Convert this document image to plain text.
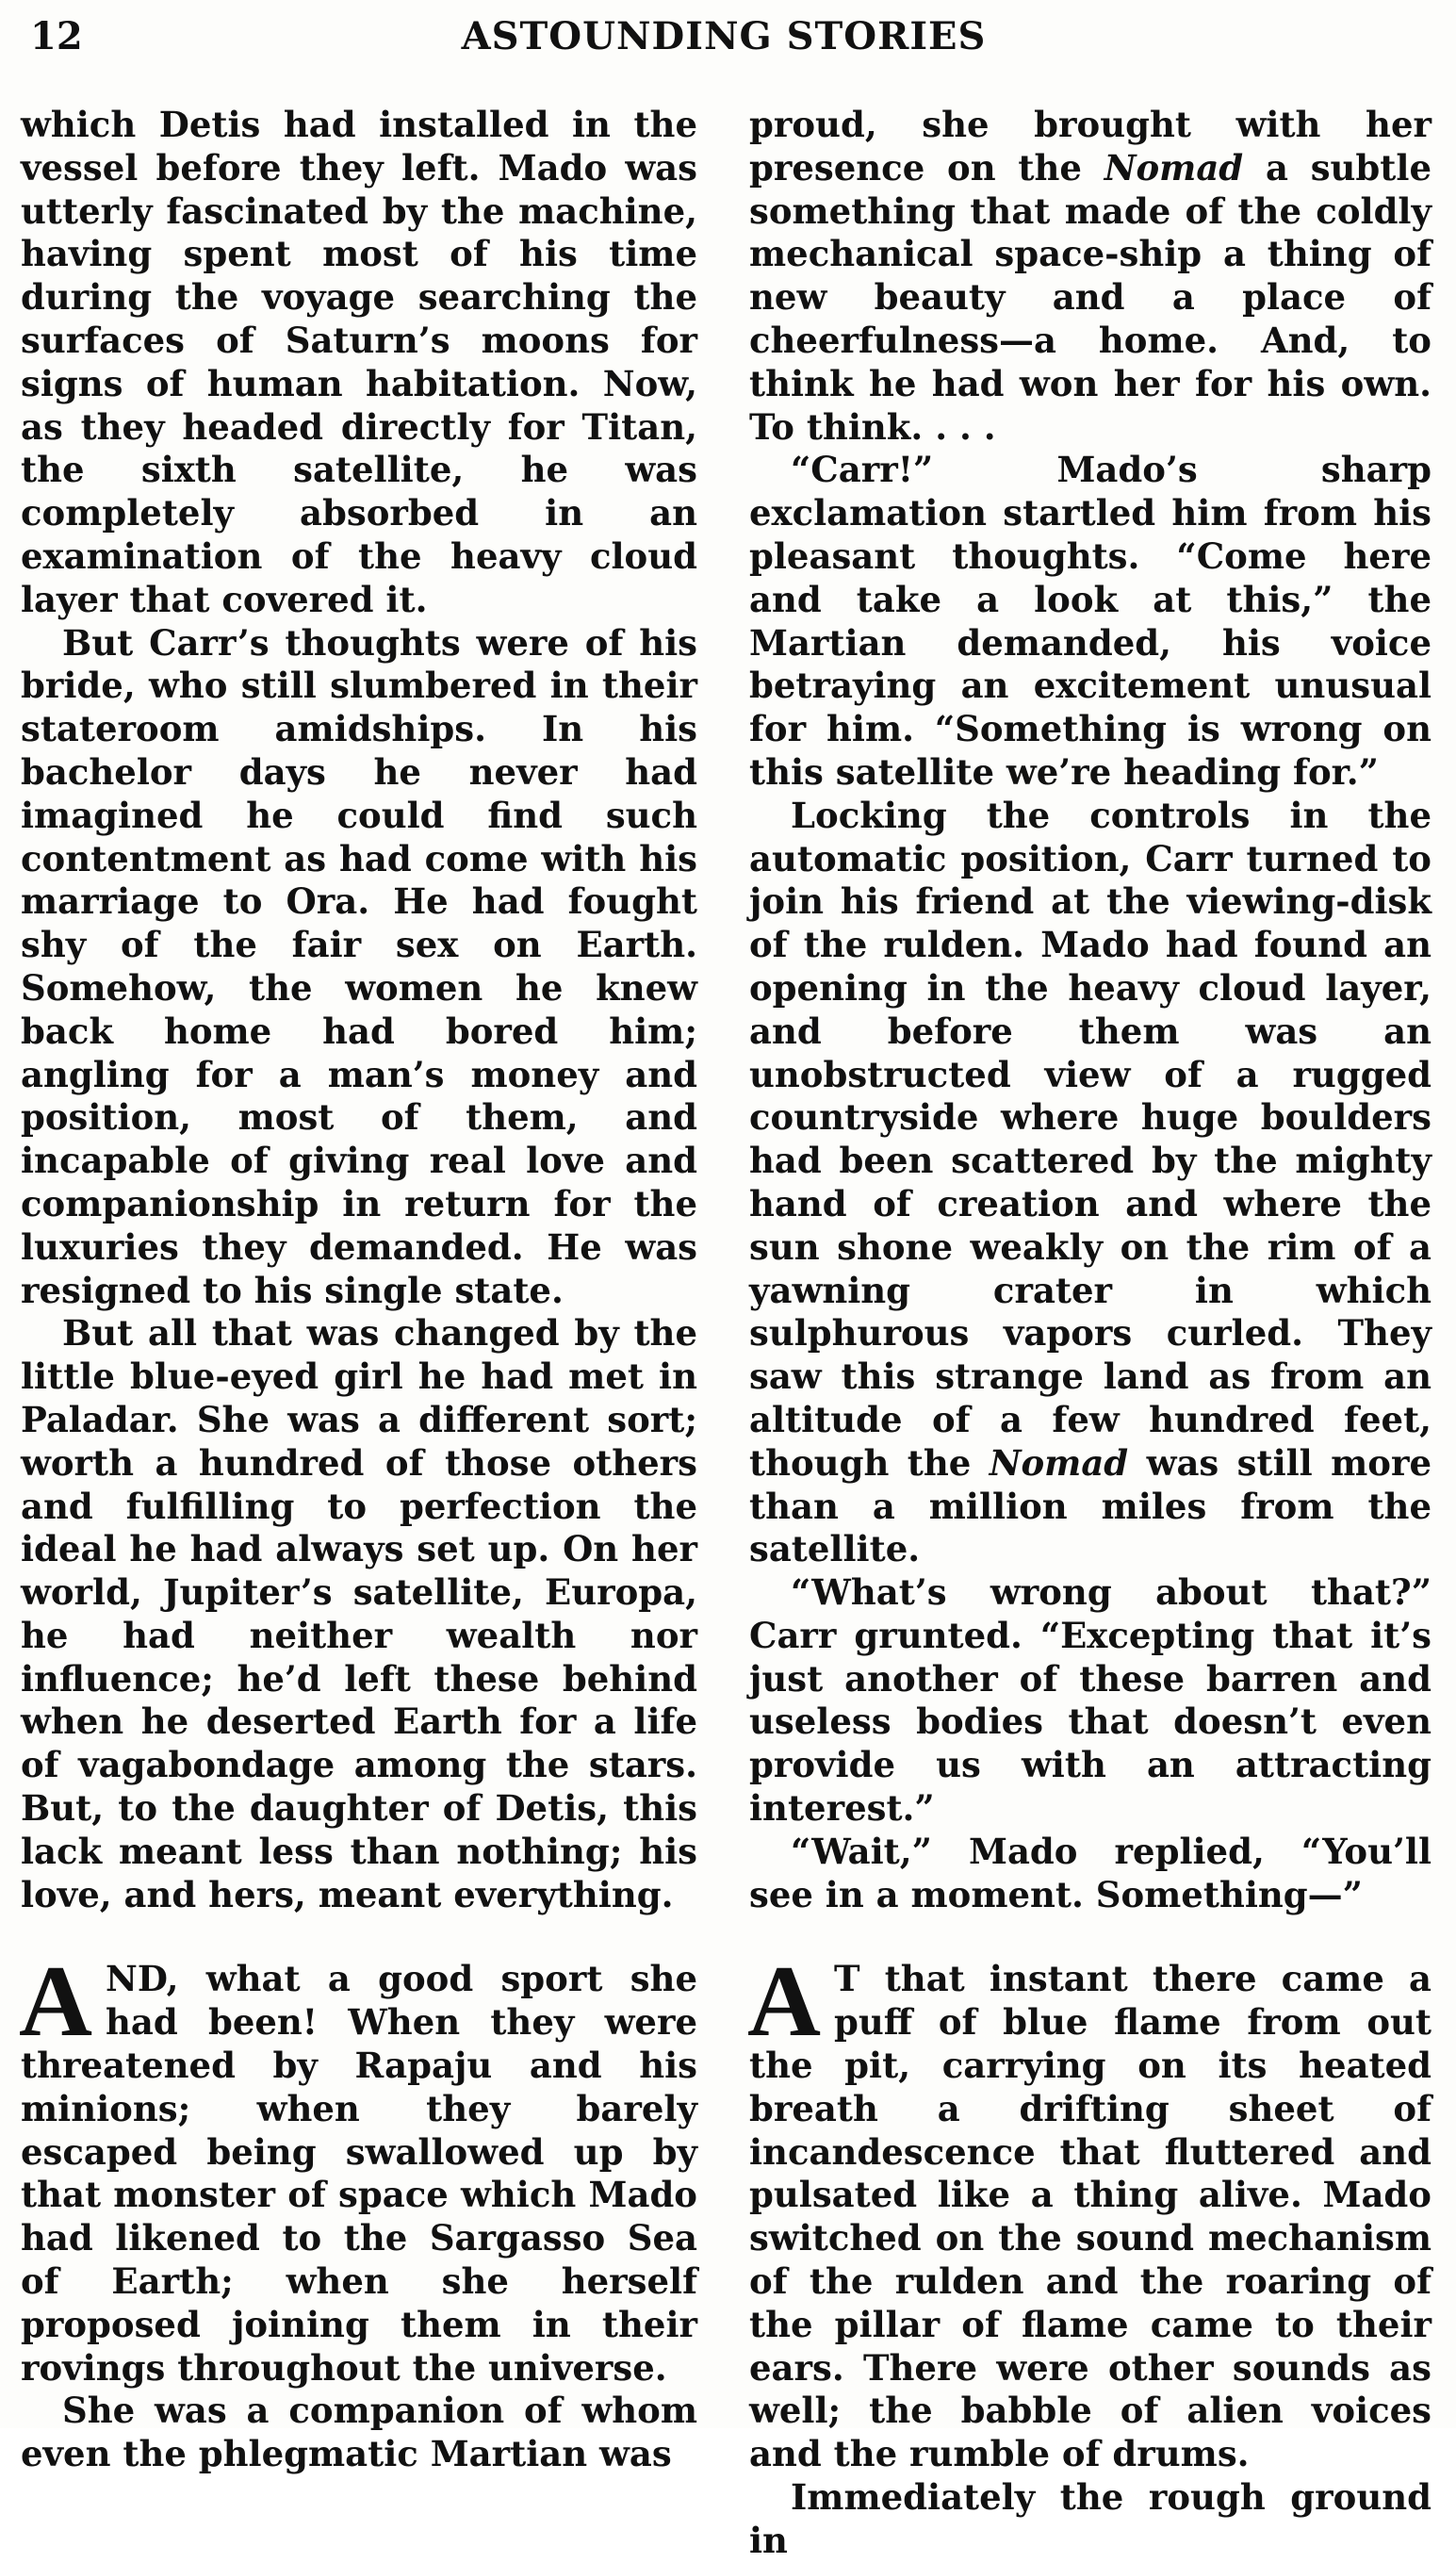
12	ASTOUNDING STORIES

which Detis had installed in the vessel before they left. Mado was utterly fascinated by the machine, having spent most of his time during the voyage searching the surfaces of Saturn’s moons for signs of human habitation. Now, as they headed directly for Titan, the sixth satellite, he was completely absorbed in an examination of the heavy cloud layer that covered it.

But Carr’s thoughts were of his bride, who still slumbered in their stateroom amidships. In his bachelor days he never had imagined he could find such contentment as had come with his marriage to Ora. He had fought shy of the fair sex on Earth. Somehow, the women he knew back home had bored him; angling for a man’s money and position, most of them, and incapable of giving real love and companionship in return for the luxuries they demanded. He was resigned to his single state.

But all that was changed by the little blue-eyed girl he had met in Paladar. She was a different sort; worth a hundred of those others and fulfilling to perfection the ideal he had always set up. On her world, Jupiter’s satellite, Europa, he had neither wealth nor influence; he’d left these behind when he deserted Earth for a life of vagabondage among the stars. But, to the daughter of Detis, this lack meant less than nothing; his love, and hers, meant everything.

AND, what a good sport she had been! When they were threatened by Rapaju and his minions; when they barely escaped being swallowed up by that monster of space which Mado had likened to the Sargasso Sea of Earth; when she herself proposed joining them in their rovings throughout the universe.

She was a companion of whom even the phlegmatic Martian was

proud, she brought with her presence on the Nomad a subtle something that made of the coldly mechanical space-ship a thing of new beauty and a place of cheerfulness—a home. And, to think he had won her for his own. To think. . . .

“Carr!” Mado’s sharp exclamation startled him from his pleasant thoughts. “Come here and take a look at this,” the Martian demanded, his voice betraying an excitement unusual for him. “Something is wrong on this satellite we’re heading for.”

Locking the controls in the automatic position, Carr turned to join his friend at the viewing-disk of the rulden. Mado had found an opening in the heavy cloud layer, and before them was an unobstructed view of a rugged countryside where huge boulders had been scattered by the mighty hand of creation and where the sun shone weakly on the rim of a yawning crater in which sulphurous vapors curled. They saw this strange land as from an altitude of a few hundred feet, though the Nomad was still more than a million miles from the satellite.

“What’s wrong about that?” Carr grunted. “Excepting that it’s just another of these barren and useless bodies that doesn’t even provide us with an attracting interest.”

“Wait,” Mado replied, “You’ll see in a moment. Something—”

A T that instant there came a puff of blue flame from out the pit, carrying on its heated breath a drifting sheet of incandescence that fluttered and pulsated like a thing alive. Mado switched on the sound mechanism of the rulden and the roaring of the pillar of flame came to their ears. There were other sounds as well; the babble of alien voices and the rumble of drums.

Immediately the rough ground in
